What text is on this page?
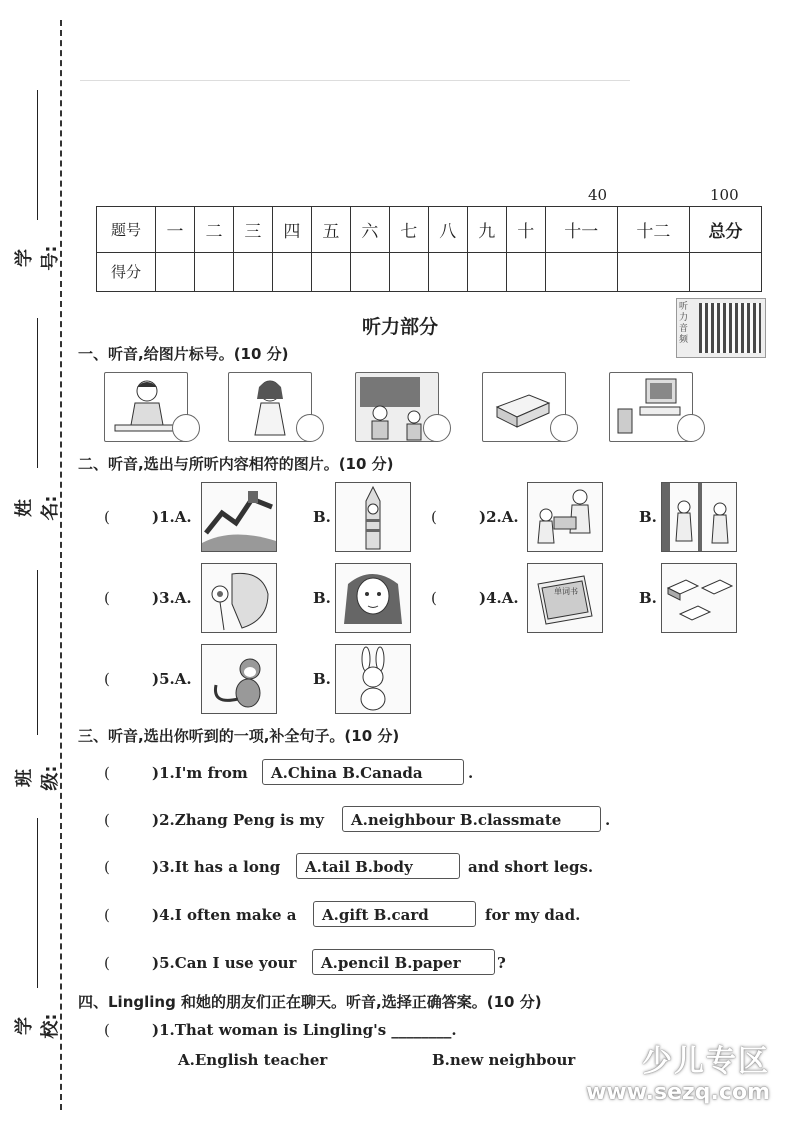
学号:
姓名:
班级:
学校:
40	100
题号	一	二	三	四	五	六	七	八	九	十	十一	十二	总分
得分													
听力部分
听力音频
一、听音,给图片标号。(10 分)
二、听音,选出与所听内容相符的图片。(10 分)
(	)1.A.	B.	(	)2.A.	B.
(	)3.A.	B.	(	)4.A.	单词书	B.
(	)5.A.	B.
三、听音,选出你听到的一项,补全句子。(10 分)
(	)1.I'm from	A.China B.Canada	.
(	)2.Zhang Peng is my	A.neighbour B.classmate	.
(	)3.It has a long	A.tail B.body	and short legs.
(	)4.I often make a	A.gift B.card	for my dad.
(	)5.Can I use your	A.pencil B.paper	?
四、Lingling 和她的朋友们正在聊天。听音,选择正确答案。(10 分)
(	)1.That woman is Lingling's ________.
A.English teacher	B.new neighbour	少儿专区
www.sezq.com
